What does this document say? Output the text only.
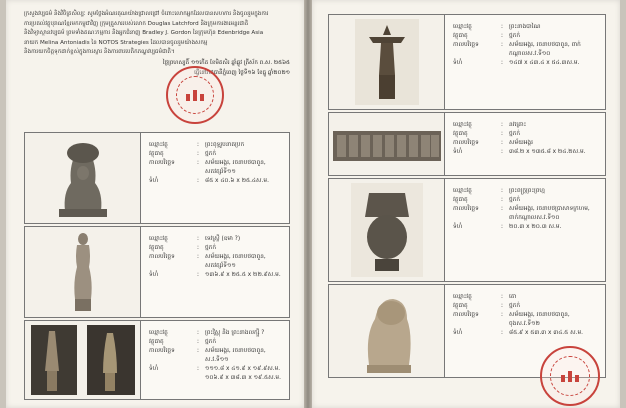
ក្រសួងវប្បធម៌ និងវិចិត្រសិល្បៈ សូមថ្លែងអំណរគុណយ៉ាងជ្រាលជ្រៅ ចំពោះលោកអ្នកដែលបានសហការ និងចូលរួមក្នុងការ

ការប្រគល់វត្ថុបុរាណខ្មែរមកកម្ពុជាវិញ ក្រុមគ្រួសាររបស់លោក Douglas Latchford និងក្រុមការងារអន្តរជាតិ

និងវិទ្យាស្ថានវប្បធម៌ ព្រមទាំងគណៈកម្មការ និងអ្នកជំនាញ Bradley J. Gordon នៃក្រុមហ៊ុន Edenbridge Asia

នាយក Melina Antoniadis នៃ NOTOS Strategies ដែលបានចូលរួមយ៉ាងសកម្ម

និងការយកចិត្តទុកដាក់ខ្ពស់ក្នុងការស្តារ និងការពារបេតិកភណ្ឌវប្បធម៌ជាតិ។

ថ្ងៃព្រហស្បតិ៍ ១១កើត ខែមិគសិរ ឆ្នាំឆ្លូវ ត្រីស័ក ព.ស. ២៥៦៥
ធ្វើនៅរាជធានីភ្នំពេញ ថ្ងៃទី១៦ ខែធ្នូ ឆ្នាំ២០២១
ឈ្មោះវត្ថុ	:	ព្រះពុទ្ធរូបនាគប្រក
វត្ថុធាតុ	:	ថ្មភក់
កាលបរិច្ឆេទ	:	សម័យអង្គរ, រចនាបថបាពួន, សតវត្សរ៍ទី១១
ទំហំ	:	៨៥ x ៤០.៦ x ២៥.៤ស.ម.
ឈ្មោះវត្ថុ	:	ទេវស្ត្រី (ឧមា ?)
វត្ថុធាតុ	:	ថ្មភក់
កាលបរិច្ឆេទ	:	សម័យអង្គរ, រចនាបថបាពួន, សតវត្សរ៍ទី១១
ទំហំ	:	១៣៦.៩ x ២៥.៥ x ២២.៩ស.ម.
ឈ្មោះវត្ថុ	:	ព្រះវិស្ណុ និង ព្រះនាងលក្ស្មី ?
វត្ថុធាតុ	:	ថ្មភក់
កាលបរិច្ឆេទ	:	សម័យអង្គរ, រចនាបថបាពួន, ស.វ.ទី១១
ទំហំ	:	១១១.៨ x ៤១.៩ x ១៩.៩ស.ម.
១០៦.៩ x ៣៨.៣ x ១៩.៥ស.ម.
ឈ្មោះវត្ថុ	:	ព្រះនាងបាណៃ
វត្ថុធាតុ	:	ថ្មភក់
កាលបរិច្ឆេទ	:	សម័យអង្គរ, រចនាបថបាពួន, ពាក់កណ្តាលស.វ.ទី១០
ទំហំ	:	១៤៧ x ៤៣.៤ x ៥៤.៣ស.ម.
ឈ្មោះវត្ថុ	:	នវគ្រោះ
វត្ថុធាតុ	:	ថ្មភក់
កាលបរិច្ឆេទ	:	សម័យអង្គរ
ទំហំ	:	៣៨.២ x ១៣៥.៨ x ២៤.២ស.ម.
ឈ្មោះវត្ថុ	:	ព្រះពក្ត្រព្រះព្រហ្ម
វត្ថុធាតុ	:	ថ្មភក់
កាលបរិច្ឆេទ	:	សម័យអង្គរ, រចនាបថប្រាសាទក្រហម, ពាក់កណ្តាលស.វ.ទី១០
ទំហំ	:	២០.៣ x ២០.៣ ស.ម.
ឈ្មោះវត្ថុ	:	តោ
វត្ថុធាតុ	:	ថ្មភក់
កាលបរិច្ឆេទ	:	សម័យអង្គរ, រចនាបថបាពួន, ចុងស.វ.ទី១២
ទំហំ	:	៨៥.៩ x ៥៣.៣ x ៣៤.៥ ស.ម.
